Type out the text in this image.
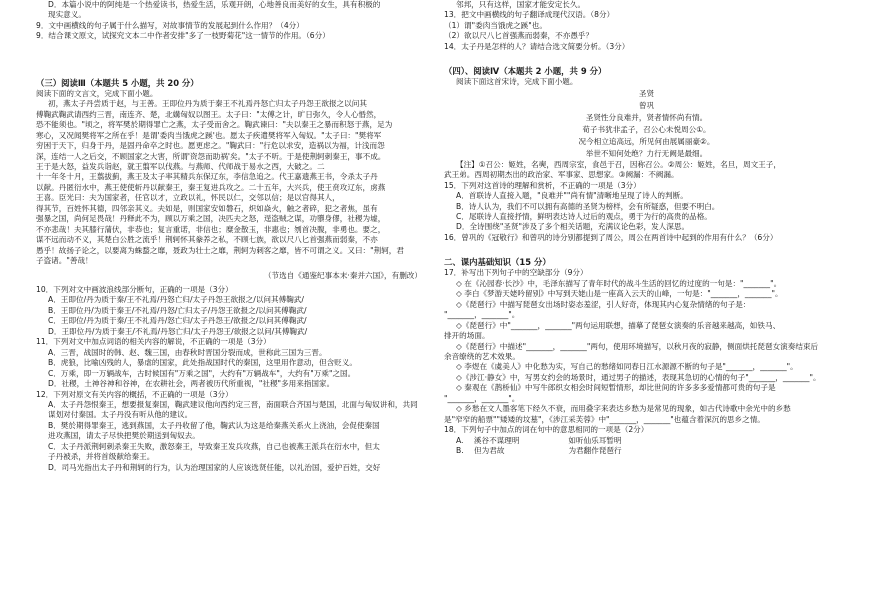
D．本篇小说中的阿纯是一个热爱读书，热爱生活，乐观开朗，心地善良而美好的女生，具有积极的
现实意义。
9．文中画横线的句子属于什么描写，对故事情节的发展起到什么作用？（4分）
9．结合课文原文，试探究文本二中作者安排"多了一枝野菊花"这一情节的作用。（6分）
（三）阅读Ⅲ（本题共 5 小题，共 20 分）
阅读下面的文言文，完成下面小题。
初，燕太子丹尝质于赵，与王善。王即位丹为质于秦王不礼焉丹怒亡归太子丹怨王欲报之以问其
傅鞠武鞠武请西约三晋，南连齐、楚，北媾匈奴以图王。太子曰："太傅之计，旷日弥久，令人心惛然，
恐不能须也。"顷之，将军樊於期得罪亡之燕，太子受而舍之。鞠武谏曰："夫以秦王之暴而积怒于燕，足为
寒心，又况闻樊将军之所在乎！是谓'委肉当饿虎之蹊'也。愿太子疾遣樊将军入匈奴。"太子曰："樊将军
穷困于天下，归身于丹，是固丹命卒之时也。愿更虑之。"鞠武曰："行危以求安，造祸以为福，计浅而怨
深，连结一人之后交，不顾国家之大害，所谓'资怨而助祸'矣。"太子不听。于是使荆轲刺秦王，事不成。
王于是大怒，益发兵诣赵，就王翦军以伐燕。与燕师、代师战于易水之西，大破之。二
十一年冬十月，王翦拔蓟，燕王及太子率其精兵东保辽东，李信急追之。代王嘉遗燕王书，令杀太子丹
以献。丹匿衍水中，燕王使使斩丹以献秦王，秦王复进兵攻之。二十五年，大兴兵，使王贲攻辽东，虏燕
王喜。臣光曰：夫为国家者，任官以才，立政以礼，怀民以仁，交邻以信；是以官得其人，
得其节，百姓怀其德，四邻亲其义。夫如是，则国家安如磐石，炽如焱火，触之者碎，犯之者焦，虽有
强暴之国，尚何足畏哉！丹释此不为，顾以万乘之国，决匹夫之怒，逞盗贼之谋，功隳身僇，社稷为墟，
不亦悲哉！夫其膝行蒲伏，非恭也；复言重诺，非信也；糜金散玉，非惠也；刎首决腹，非勇也。要之，
谋不远而动不义，其楚白公胜之流乎！荆轲怀其豢养之私，不顾七族，欲以尺八匕首强燕而弱秦，不亦
愚乎！故扬子论之，以要离为蛛蝥之靡，聂政为壮士之靡，荆轲为刺客之靡，皆不可谓之义。又曰："荆轲，君
子盗诸。"善哉！
（节选自《通鉴纪事本末·秦并六国》，有删改）
10．下列对文中画波浪线部分断句，正确的一项是（3分）
A．王即位/丹为质于秦/王不礼焉/丹怒亡归/太子丹怨王欲报之/以问其傅鞠武/
B．王即位丹/为质于秦王/不礼焉/丹怒/亡归太子/丹怨王欲报之/以问其傅鞠武/
C．王即位/丹为质于秦/王不礼焉丹/怒亡归/太子丹怨王/欲报之/以问其傅鞠武/
D．王即位丹/为质于秦王/不礼焉/丹怒亡归/太子丹怨王/欲报之以问/其傅鞠武/
11．下列对文中加点词语的相关内容的解说，不正确的一项是（3分）
A．三晋，战国时的韩、赵、魏三国，由春秋时晋国分裂而成，世称此三国为三晋。
B．虎狼，比喻凶残的人，暴虐的国家，此处指战国时代的秦国，这里用作意动，但含贬义。
C．万乘，即一万辆战车，古时候国有"万乘之国"，大约有"万辆战车"，大约有"万乘"之国。
D．社稷，土神谷神和谷神，在农耕社会，两者被历代所重视，"社稷"多用来指国家。
12．下列对原文有关内容的概括，不正确的一项是（3分）
A．太子丹怨恨秦王，想要报复秦国，鞠武建议他向西约定三晋，南面联合齐国与楚国，北面与匈奴讲和，共同
谋划对付秦国。太子丹没有听从他的建议。
B．樊於期得罪秦王，逃到燕国，太子丹收留了他，鞠武认为这是给秦燕关系火上浇油，会促使秦国
进攻燕国，请太子尽快把樊於期送到匈奴去。
C．太子丹派荆轲刺杀秦王失败，激怒秦王，导致秦王发兵攻燕，自己也被燕王派兵在衍水中，但太
子丹被杀，并将首级献给秦王。
D．司马光指出太子丹和荆轲的行为，认为治理国家的人应该选贤任能，以礼治国，爱护百姓，交好
邻邦，只有这样，国家才能安定长久。
13．把文中画横线的句子翻译成现代汉语。（8分）
（1）谓"委肉当饿虎之蹊"也。
（2）欲以尺八匕首强燕而弱秦，不亦愚乎？
14．太子丹是怎样的人？请结合选文简要分析。（3分）
（四）、阅读Ⅳ（本题共 2 小题，共 9 分）
阅读下面这首宋诗，完成下面小题。
圣贤
曾巩
圣贤性分良难并，贤者情怀尚有情。
荀子书犹非孟子，召公心未悦周公①。
况今相立追高远，所见何由展属丽豪②。
举世不知何处绝？力行无阙是最细。
【注】①召公：姬姓，名奭，西周宗室，食邑于召，因称召公。②周公：姬姓，名旦，周文王子，
武王弟。西周初期杰出的政治家、军事家、思想家。③阙漏：不阙漏。
15．下列对这首诗的理解和赏析，不正确的一项是（3分）
A．首联诗人直接入题，"良难并""尚有情"清晰地呈现了诗人的判断。
B．诗人认为，我们不可以拥有高德的圣贤为榜样，会有所疑惑，但要不明白。
C．尾联诗人直接抒情，鲜明表达诗人过后的观点，勇于为行的高贵的品格。
D．全诗围绕"圣贤"涉及了多个相关话题，充满议论色彩，发人深思。
16．曾巩的《冠敬行》和曾巩的诗分别都提到了周公，周公在两首诗中起到的作用有什么？（6分）
二、课内基础知识（15 分）
17．补写出下列句子中的空缺部分（9分）
◇ 在《沁园春·长沙》中，毛泽东描写了青年时代的战斗生活的回忆的过度的一句是："_______"。
◇ 李白《梦游天姥吟留别》中写到天姥山是一座高入云天的山峰，一句是："_______，_______"。
◇《琵琶行》中描写琵琶女出场时姿态羞涩，引人好奇，体现其内心复杂情绪的句子是：
"_______，_______"。
◇《琵琶行》中"_______，_______"两句运用联想，描摹了琵琶女演奏的乐音越来越高，如铁马、
排开的场面。
◇《琵琶行》中描述"_______，_______"两句，使用环境描写，以秋月夜的寂静，侧面烘托琵琶女演奏结束后
余音缭绕的艺术效果。
◇ 李煜在《虞美人》中化愁为实，写自己的愁绪如同春日江水源源不断的句子是"_______，_______"。
◇《涉江·静女》中，写男女约会的场景时，通过男子的描述，表现其急切的心情的句子"_______，_______"。
◇ 秦观在《鹊桥仙》中写牛郎织女相会时间短暂情形，却比世间的许多多多爱情都可贵的句子是
"_______，_______"。
◇ 乡愁在文人墨客笔下经久不衰，而用叠字来表达乡愁为是常见的现象，如古代诗歌中余光中的乡愁
是"窄窄的船票""矮矮的坟墓"，《涉江采芙蓉》中"_______，_______"也蕴含着深沉的思乡之情。
18．下列句子中加点的词在句中的意思相同的一项是（2分）
A. 溪谷不谋理明	如听仙乐耳暂明
B. 但为君故	为君翻作琵琶行
